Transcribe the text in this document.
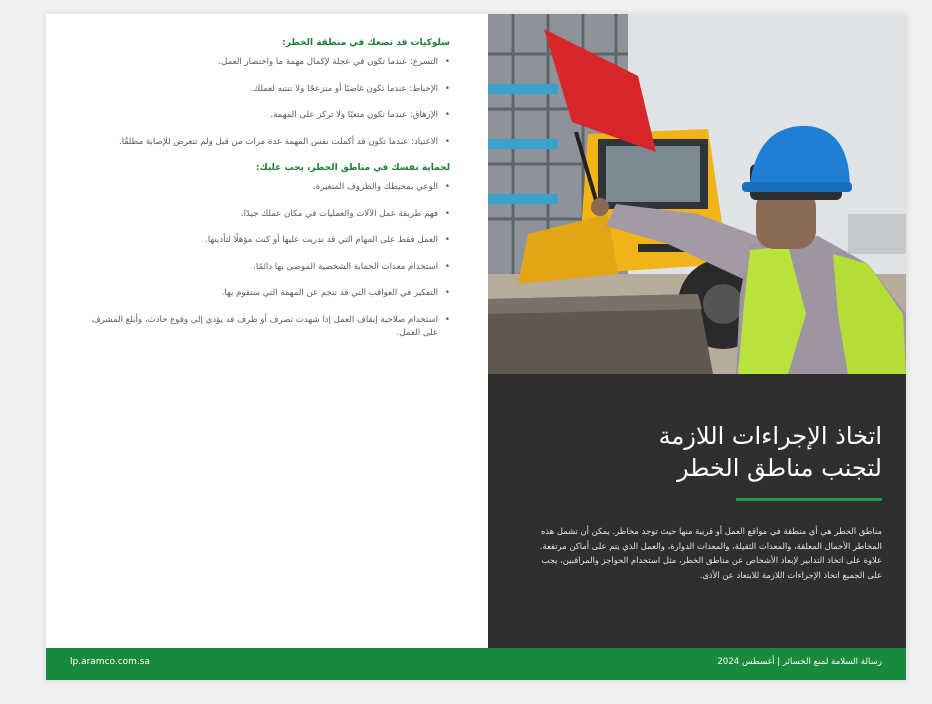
سلوكيات قد تضعك في منطقة الخطر:
• التسرع: عندما تكون في عجلة لإكمال مهمة ما واختصار العمل.
• الإحباط: عندما تكون غاضبًا أو منزعجًا ولا تنتبه لعملك.
• الإرهاق: عندما تكون متعبًا ولا تركز على المهمة.
• الاعتياد: عندما تكون قد أكملت نفس المهمة عدة مرات من قبل ولم تتعرض للإصابة مطلقًا.
لحماية نفسك في مناطق الخطر، يجب عليك:
• الوعي بمحيطك والظروف المتغيرة.
• فهم طريقة عمل الآلات والعمليات في مكان عملك جيدًا.
• العمل فقط على المهام التي قد تدربت عليها أو كنت مؤهلًا لتأديتها.
• استخدام معدات الحماية الشخصية الموصى بها دائمًا.
• التفكير في العواقب التي قد تنجم عن المهمة التي ستقوم بها.
• استخدام صلاحية إيقاف العمل إذا شهدت تصرف أو ظرف قد يؤدي إلى وقوع حادث، وأبلغ المشرف على العمل.
اتخاذ الإجراءات اللازمة
لتجنب مناطق الخطر

مناطق الخطر هي أي منطقة في مواقع العمل أو قريبة منها حيث توجد مخاطر. يمكن أن تشمل هذه المخاطر الأحمال المعلقة، والمعدات الثقيلة، والمعدات الدوارة، والعمل الذي يتم على أماكن مرتفعة. علاوة على اتخاذ التدابير لإبعاد الأشخاص عن مناطق الخطر، مثل استخدام الحواجز والمراقبين، يجب على الجميع اتخاذ الإجراءات اللازمة للابتعاد عن الأذى.

lp.aramco.com.sa	رسالة السلامة لمنع الخسائر | أغسطس 2024
